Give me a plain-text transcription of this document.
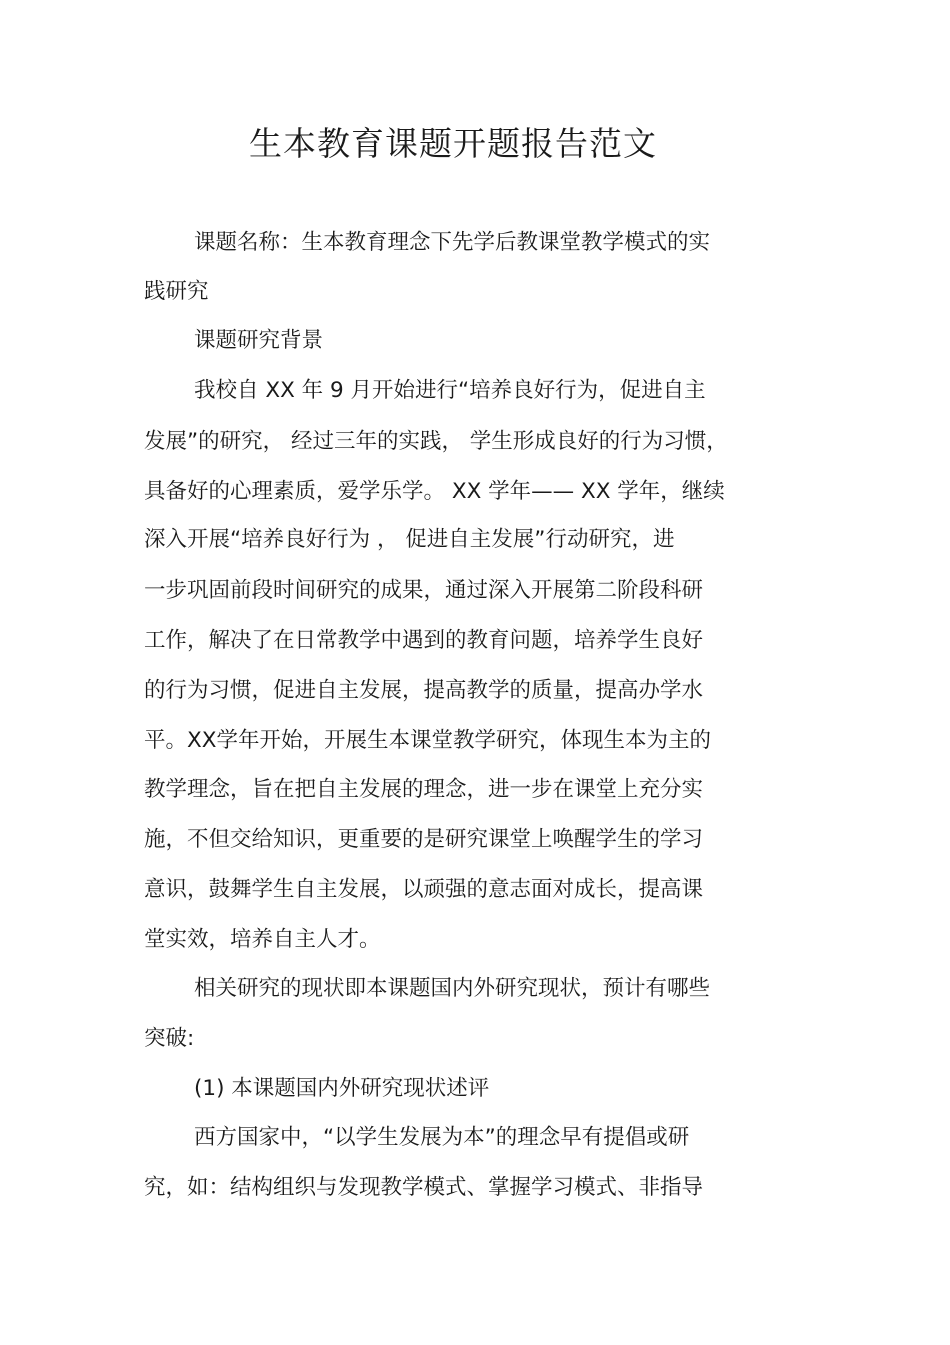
生本教育课题开题报告范文

课题名称：生本教育理念下先学后教课堂教学模式的实

践研究

课题研究背景

我校自 XX 年 9 月开始进行“培养良好行为，促进自主

发展”的研究， 经过三年的实践， 学生形成良好的行为习惯，

具备好的心理素质，爱学乐学。 XX 学年—— XX 学年，继续

深入开展“培养良好行为 ， 促进自主发展”行动研究，进

一步巩固前段时间研究的成果，通过深入开展第二阶段科研

工作，解决了在日常教学中遇到的教育问题，培养学生良好

的行为习惯，促进自主发展，提高教学的质量，提高办学水

平。XX学年开始，开展生本课堂教学研究，体现生本为主的

教学理念，旨在把自主发展的理念，进一步在课堂上充分实

施，不但交给知识，更重要的是研究课堂上唤醒学生的学习

意识，鼓舞学生自主发展，以顽强的意志面对成长，提高课

堂实效，培养自主人才。

相关研究的现状即本课题国内外研究现状，预计有哪些

突破:

(1) 本课题国内外研究现状述评

西方国家中，“以学生发展为本”的理念早有提倡或研

究，如：结构组织与发现教学模式、掌握学习模式、非指导
